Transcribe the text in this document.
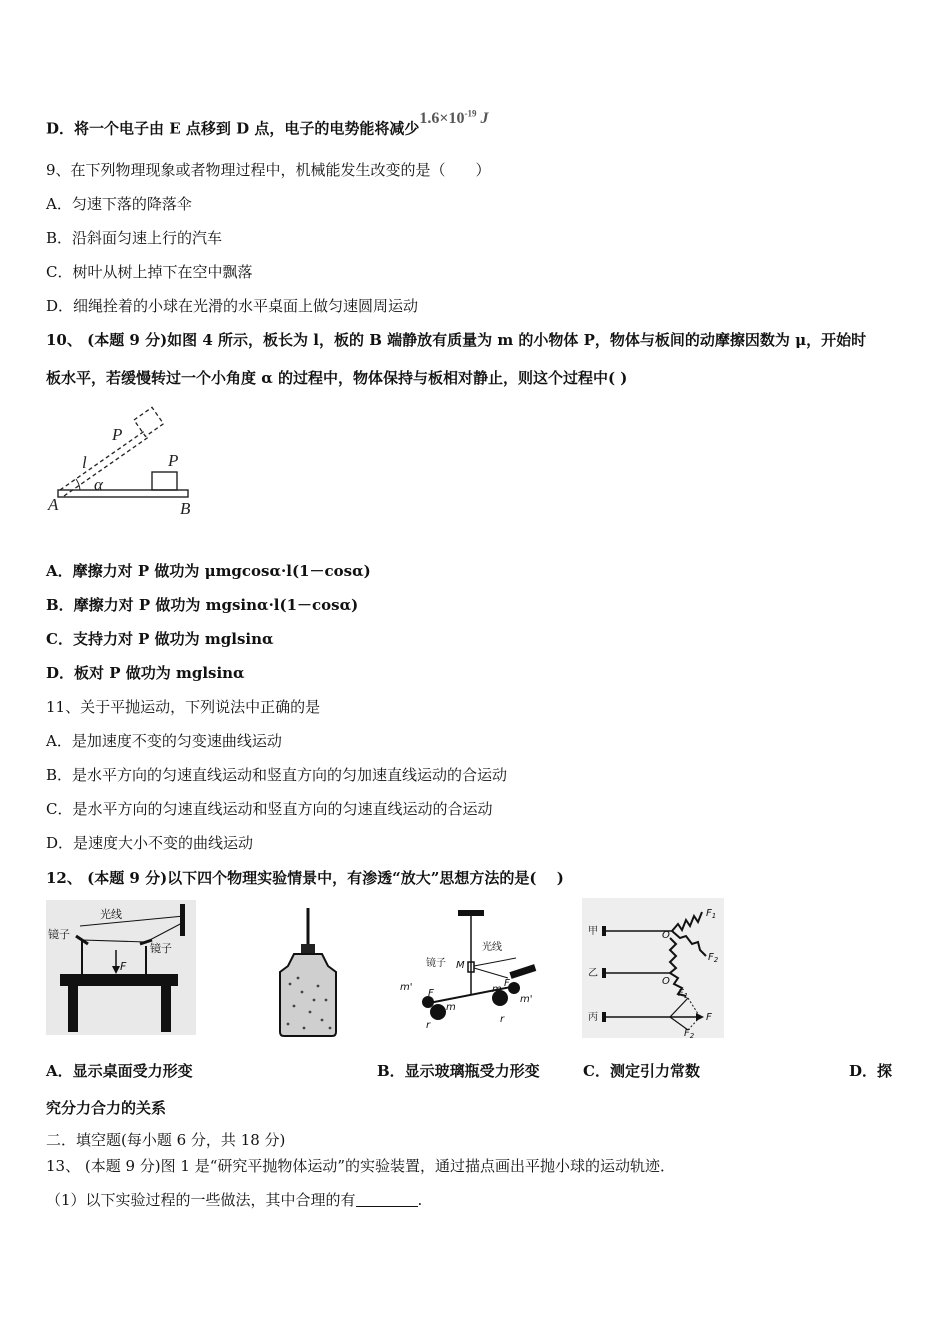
D．将一个电子由 E 点移到 D 点，电子的电势能将减少$1.6\times 10^{-19}$ J
9、在下列物理现象或者物理过程中，机械能发生改变的是（　　）
A．匀速下落的降落伞
B．沿斜面匀速上行的汽车
C．树叶从树上掉下在空中飘落
D．细绳拴着的小球在光滑的水平桌面上做匀速圆周运动
10、 (本题 9 分)如图 4 所示，板长为 l，板的 B 端静放有质量为 m 的小物体 P，物体与板间的动摩擦因数为 μ，开始时
板水平，若缓慢转过一个小角度 α 的过程中，物体保持与板相对静止，则这个过程中( )
P
P
l
α
A	B
A．摩擦力对 P 做功为 μmgcosα·l(1－cosα)
B．摩擦力对 P 做功为 mgsinα·l(1－cosα)
C．支持力对 P 做功为 mglsinα
D．板对 P 做功为 mglsinα
11、关于平抛运动，下列说法中正确的是
A．是加速度不变的匀变速曲线运动
B．是水平方向的匀速直线运动和竖直方向的匀加速直线运动的合运动
C．是水平方向的匀速直线运动和竖直方向的匀速直线运动的合运动
D．是速度大小不变的曲线运动
12、 (本题 9 分)以下四个物理实验情景中，有渗透“放大”思想方法的是(　 )
光线
镜子
镜子
F
m'
m'
镜子 M
光线
m
m
F
F
r
r
甲
乙
丙
O
O
$F_1$
$F_2$
$F_1$
F
$F_2$
A．显示桌面受力形变	B．显示玻璃瓶受力形变	C．测定引力常数	D．探
究分力合力的关系
二．填空题(每小题 6 分，共 18 分)
13、 (本题 9 分)图 1 是“研究平抛物体运动”的实验装置，通过描点画出平抛小球的运动轨迹．
（1）以下实验过程的一些做法，其中合理的有	.
